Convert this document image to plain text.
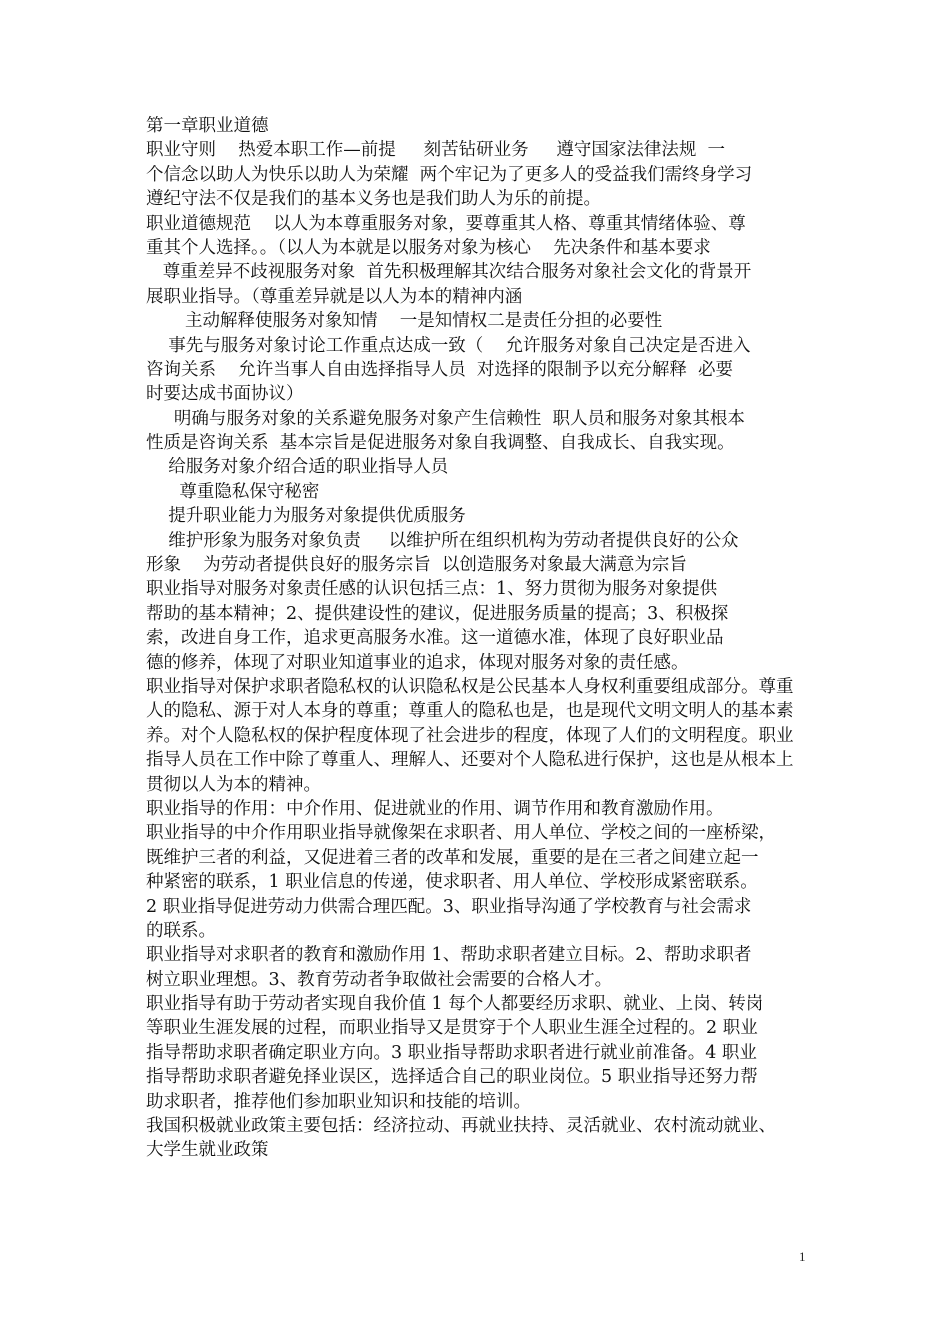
第一章职业道德
职业守则    热爱本职工作—前提     刻苦钻研业务     遵守国家法律法规  一
个信念以助人为快乐以助人为荣耀  两个牢记为了更多人的受益我们需终身学习
遵纪守法不仅是我们的基本义务也是我们助人为乐的前提。
职业道德规范    以人为本尊重服务对象，要尊重其人格、尊重其情绪体验、尊
重其个人选择。。（以人为本就是以服务对象为核心    先决条件和基本要求
尊重差异不歧视服务对象  首先积极理解其次结合服务对象社会文化的背景开
展职业指导。（尊重差异就是以人为本的精神内涵
主动解释使服务对象知情    一是知情权二是责任分担的必要性
事先与服务对象讨论工作重点达成一致（    允许服务对象自己决定是否进入
咨询关系    允许当事人自由选择指导人员  对选择的限制予以充分解释  必要
时要达成书面协议）
明确与服务对象的关系避免服务对象产生信赖性  职人员和服务对象其根本
性质是咨询关系  基本宗旨是促进服务对象自我调整、自我成长、自我实现。
给服务对象介绍合适的职业指导人员
尊重隐私保守秘密
提升职业能力为服务对象提供优质服务
维护形象为服务对象负责     以维护所在组织机构为劳动者提供良好的公众
形象    为劳动者提供良好的服务宗旨  以创造服务对象最大满意为宗旨
职业指导对服务对象责任感的认识包括三点：1、努力贯彻为服务对象提供
帮助的基本精神；2、提供建设性的建议，促进服务质量的提高；3、积极探
索，改进自身工作，追求更高服务水准。这一道德水准，体现了良好职业品
德的修养，体现了对职业知道事业的追求，体现对服务对象的责任感。
职业指导对保护求职者隐私权的认识隐私权是公民基本人身权利重要组成部分。尊重
人的隐私、源于对人本身的尊重；尊重人的隐私也是，也是现代文明文明人的基本素
养。对个人隐私权的保护程度体现了社会进步的程度，体现了人们的文明程度。职业
指导人员在工作中除了尊重人、理解人、还要对个人隐私进行保护，这也是从根本上
贯彻以人为本的精神。
职业指导的作用：中介作用、促进就业的作用、调节作用和教育激励作用。
职业指导的中介作用职业指导就像架在求职者、用人单位、学校之间的一座桥梁，
既维护三者的利益，又促进着三者的改革和发展，重要的是在三者之间建立起一
种紧密的联系，1 职业信息的传递，使求职者、用人单位、学校形成紧密联系。
2 职业指导促进劳动力供需合理匹配。3、职业指导沟通了学校教育与社会需求
的联系。
职业指导对求职者的教育和激励作用 1、帮助求职者建立目标。2、帮助求职者
树立职业理想。3、教育劳动者争取做社会需要的合格人才。
职业指导有助于劳动者实现自我价值 1 每个人都要经历求职、就业、上岗、转岗
等职业生涯发展的过程，而职业指导又是贯穿于个人职业生涯全过程的。2 职业
指导帮助求职者确定职业方向。3 职业指导帮助求职者进行就业前准备。4 职业
指导帮助求职者避免择业误区，选择适合自己的职业岗位。5 职业指导还努力帮
助求职者，推荐他们参加职业知识和技能的培训。
我国积极就业政策主要包括：经济拉动、再就业扶持、灵活就业、农村流动就业、
大学生就业政策
1
